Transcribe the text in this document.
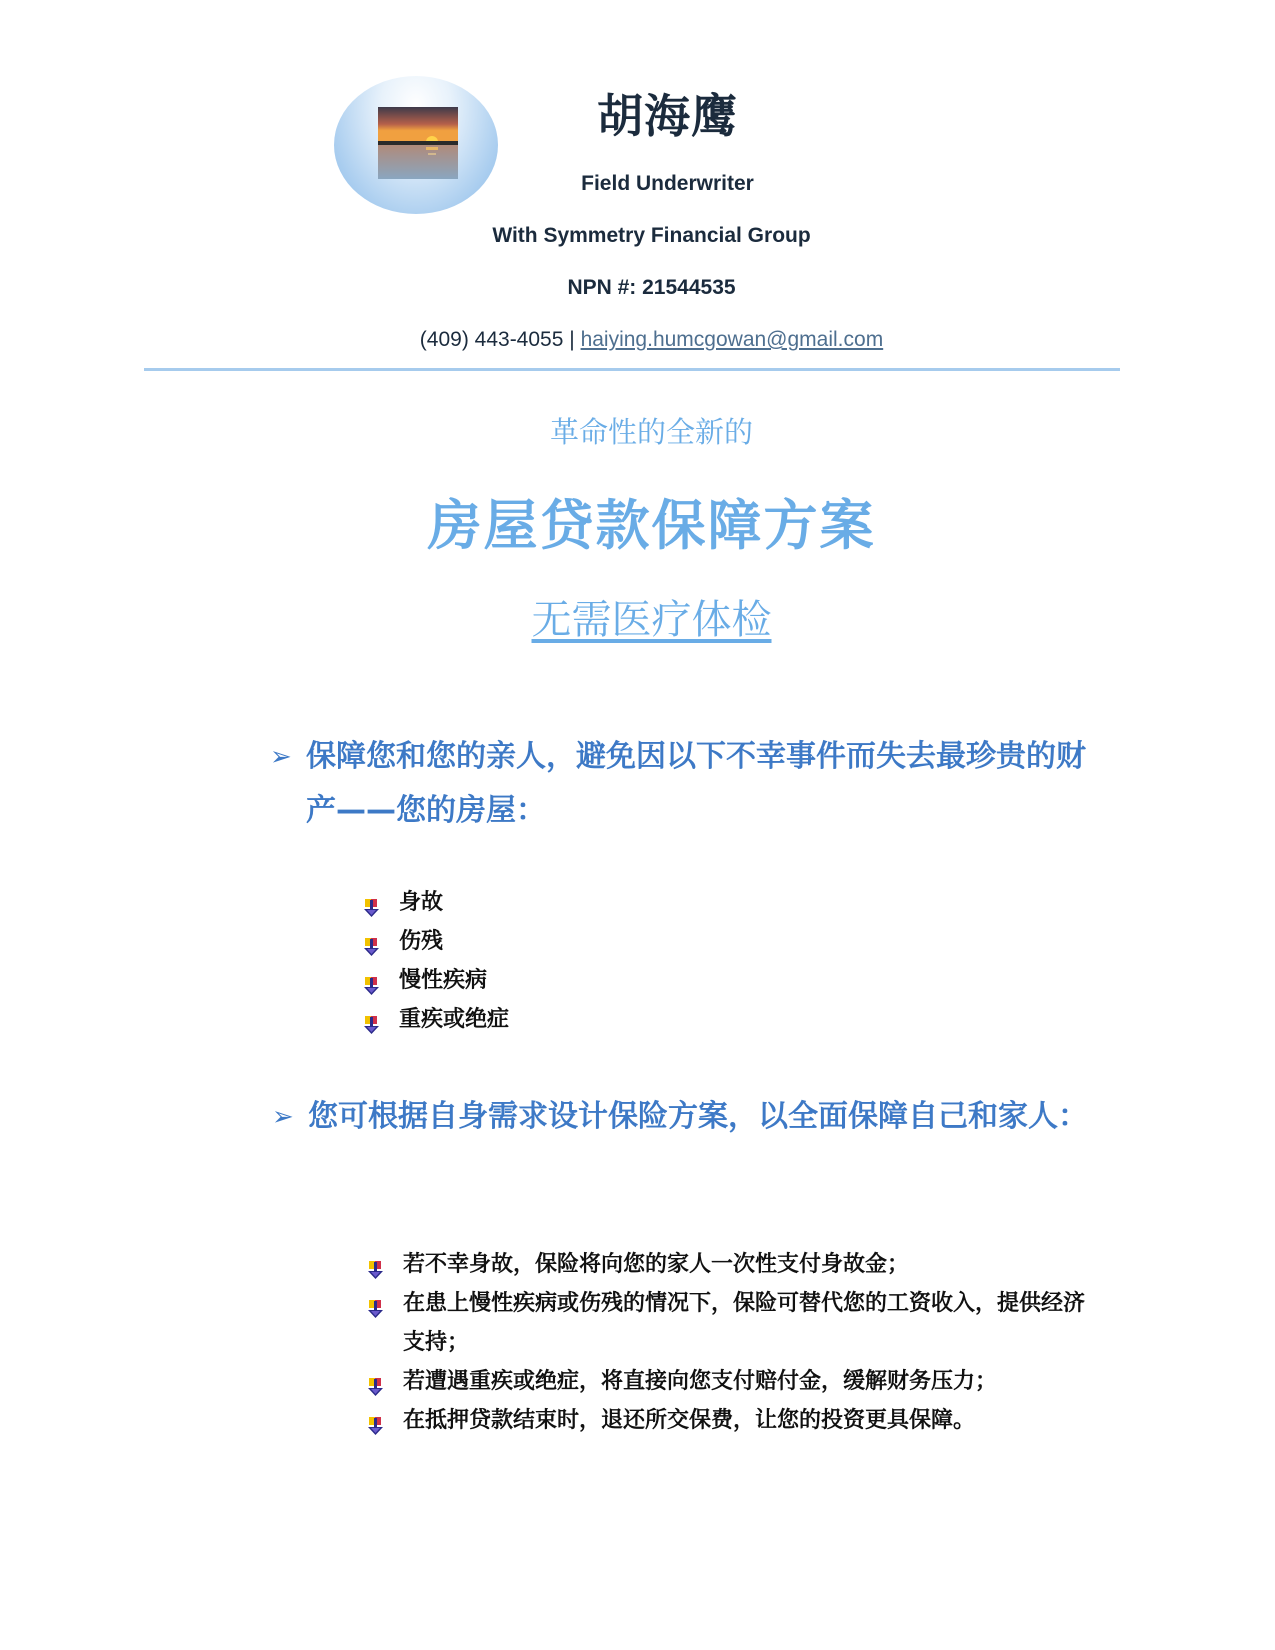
胡海鹰
Field Underwriter
With Symmetry Financial Group
NPN #: 21544535
(409) 443-4055 | haiying.humcgowan@gmail.com
革命性的全新的
房屋贷款保障方案
无需医疗体检
➢ 保障您和您的亲人，避免因以下不幸事件而失去最珍贵的财产——您的房屋：
身故
伤残
慢性疾病
重疾或绝症
➢ 您可根据自身需求设计保险方案，以全面保障自己和家人：
若不幸身故，保险将向您的家人一次性支付身故金；
在患上慢性疾病或伤残的情况下，保险可替代您的工资收入，提供经济支持；
若遭遇重疾或绝症，将直接向您支付赔付金，缓解财务压力；
在抵押贷款结束时，退还所交保费，让您的投资更具保障。
